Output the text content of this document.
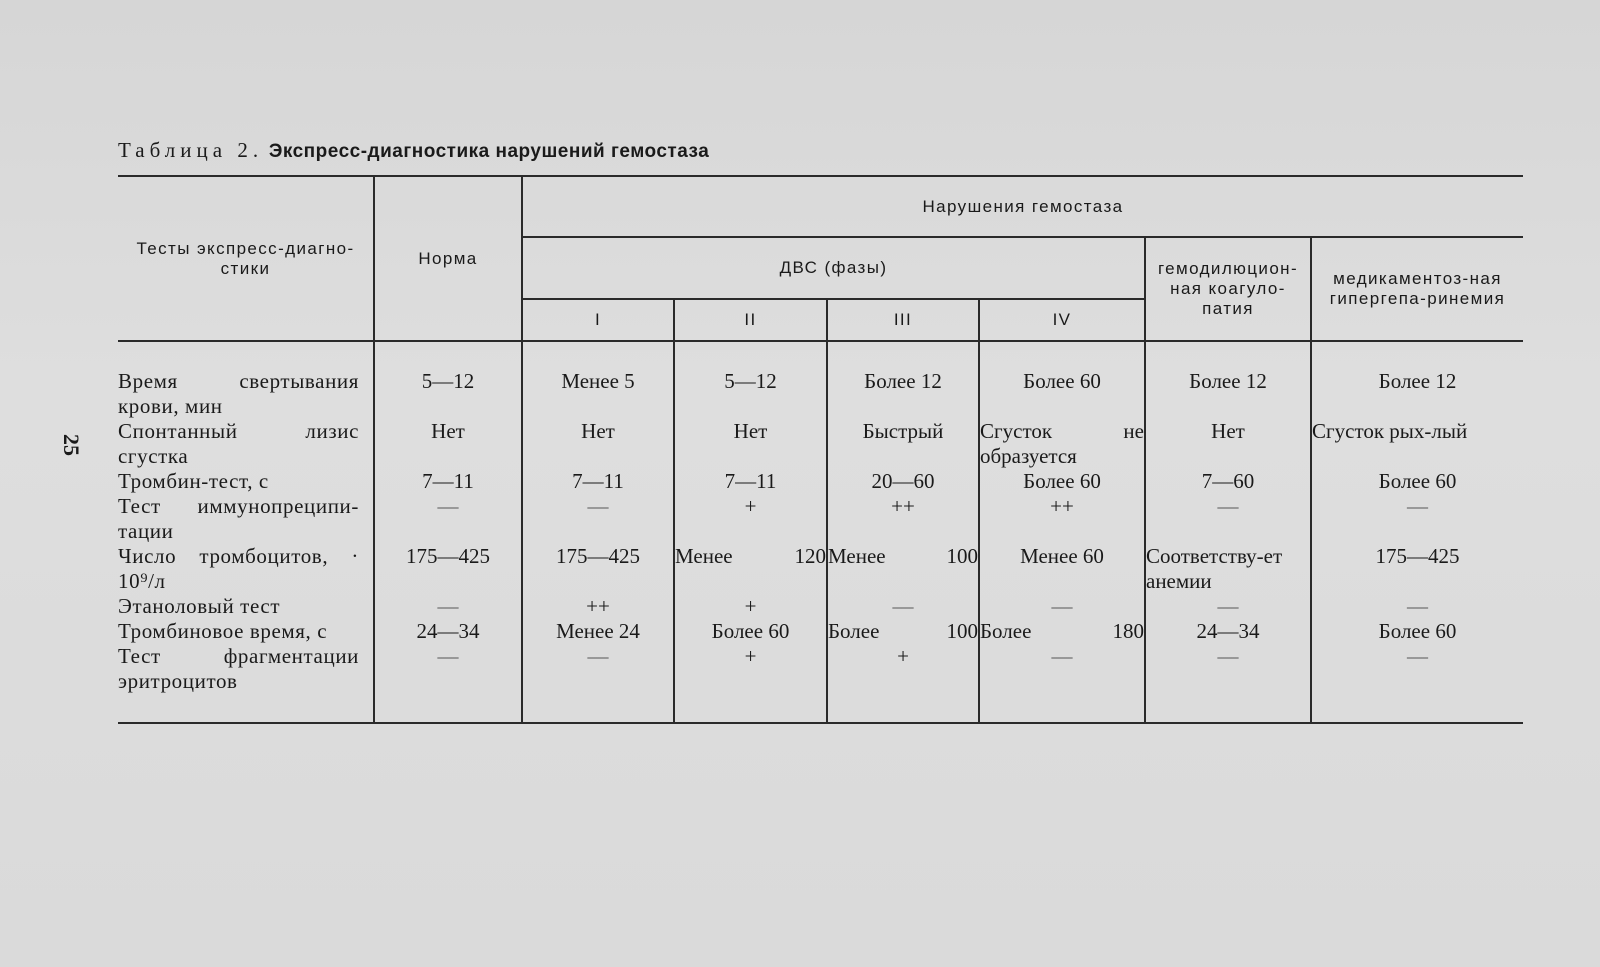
25
Таблица 2. Экспресс-диагностика нарушений гемостаза
Тесты экспресс-диагно-стики	Норма	Нарушения гемостаза					
		ДВС (фазы)				гемодилюцион-ная коагуло-патия	медикаментоз-ная гипергепа-ринемия
		I	II	III	IV		
Время свертывания крови, мин	5—12	Менее 5	5—12	Более 12	Более 60	Более 12	Более 12
Спонтанный лизис сгустка	Нет	Нет	Нет	Быстрый	Сгусток не образуется	Нет	Сгусток рых-лый
Тромбин-тест, с	7—11	7—11	7—11	20—60	Более 60	7—60	Более 60
Тест иммунопреципи-тации	—	—	+	++	++	—	—
Число тромбоцитов, · 10⁹/л	175—425	175—425	Менее 120	Менее 100	Менее 60	Соответству-ет анемии	175—425
Этаноловый тест	—	++	+	—	—	—	—
Тромбиновое время, с	24—34	Менее 24	Более 60	Более 100	Более 180	24—34	Более 60
Тест фрагментации эритроцитов	—	—	+	+	—	—	—
